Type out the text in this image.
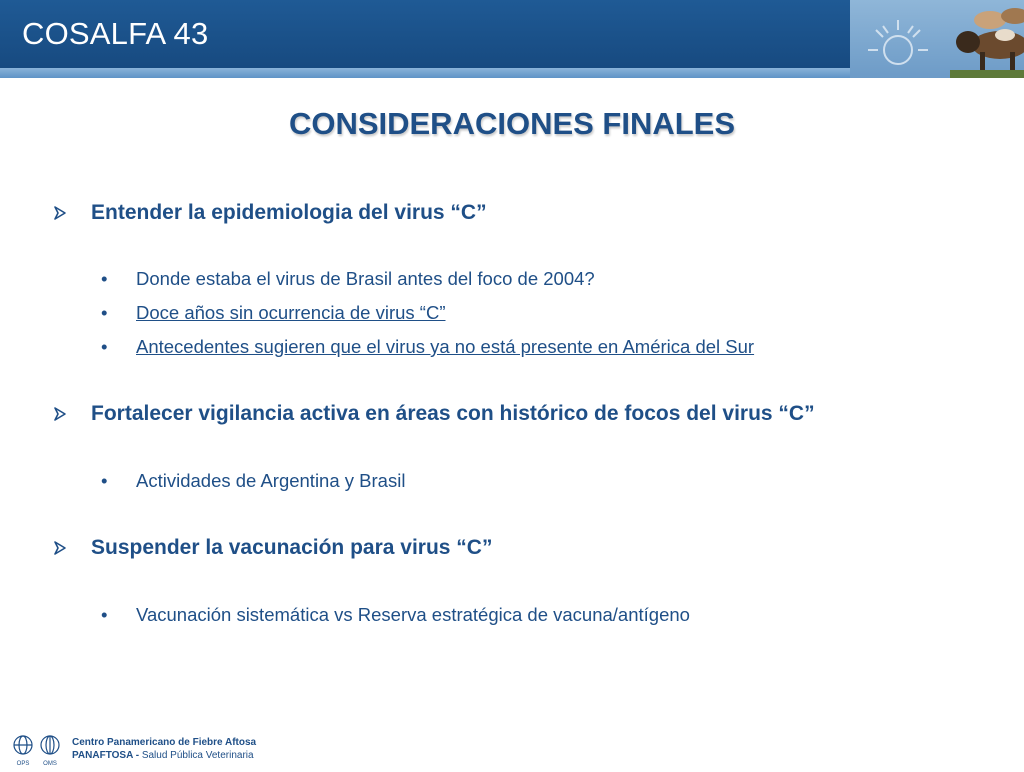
COSALFA 43
CONSIDERACIONES FINALES
Entender la epidemiologia del virus “C”
• Donde estaba el virus de Brasil antes del foco de 2004?
• Doce años sin ocurrencia de virus “C”
• Antecedentes sugieren que el virus ya no está presente en América del Sur
Fortalecer vigilancia activa en áreas con histórico de focos del virus “C”
• Actividades de Argentina y Brasil
Suspender la vacunación para virus “C”
• Vacunación sistemática vs Reserva estratégica de vacuna/antígeno
OPS OMS
Centro Panamericano de Fiebre Aftosa
PANAFTOSA - Salud Pública Veterinaria
